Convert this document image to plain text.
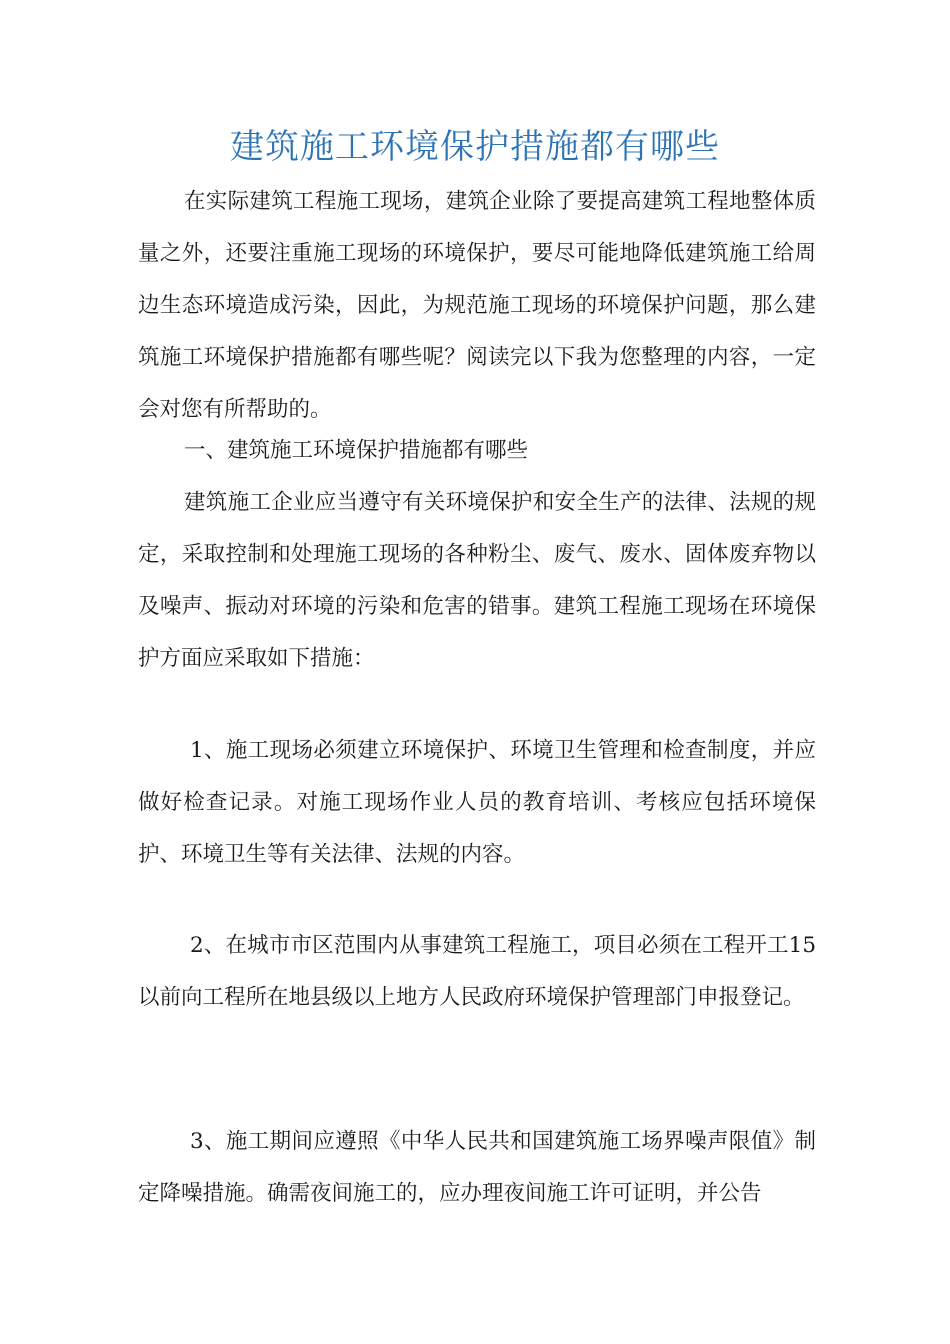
建筑施工环境保护措施都有哪些

在实际建筑工程施工现场，建筑企业除了要提高建筑工程地整体质量之外，还要注重施工现场的环境保护，要尽可能地降低建筑施工给周边生态环境造成污染，因此，为规范施工现场的环境保护问题，那么建筑施工环境保护措施都有哪些呢？阅读完以下我为您整理的内容，一定会对您有所帮助的。

一、建筑施工环境保护措施都有哪些

建筑施工企业应当遵守有关环境保护和安全生产的法律、法规的规定，采取控制和处理施工现场的各种粉尘、废气、废水、固体废弃物以及噪声、振动对环境的污染和危害的错事。建筑工程施工现场在环境保护方面应采取如下措施：

1、施工现场必须建立环境保护、环境卫生管理和检查制度，并应做好检查记录。对施工现场作业人员的教育培训、考核应包括环境保护、环境卫生等有关法律、法规的内容。

2、在城市市区范围内从事建筑工程施工，项目必须在工程开工15以前向工程所在地县级以上地方人民政府环境保护管理部门申报登记。

3、施工期间应遵照《中华人民共和国建筑施工场界噪声限值》制定降噪措施。确需夜间施工的，应办理夜间施工许可证明，并公告
